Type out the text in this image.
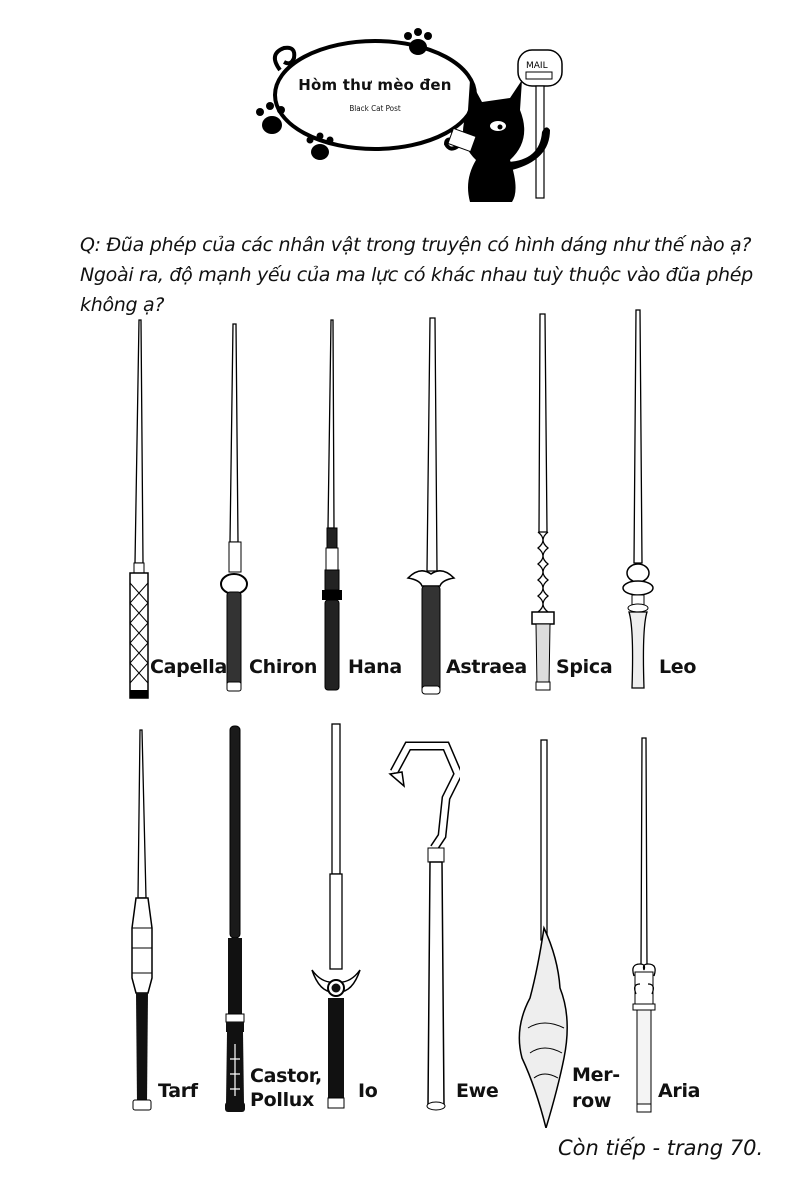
MAIL
Hòm thư mèo đen
Black Cat Post
Q: Đũa phép của các nhân vật trong truyện có hình dáng như thế nào ạ?
Ngoài ra, độ mạnh yếu của ma lực có khác nhau tuỳ thuộc vào đũa phép không ạ?
Capella Chiron Hana Astraea Spica Leo
Tarf
Castor,
Pollux	Io	Ewe
Mer-
row	Aria
Còn tiếp - trang 70.
